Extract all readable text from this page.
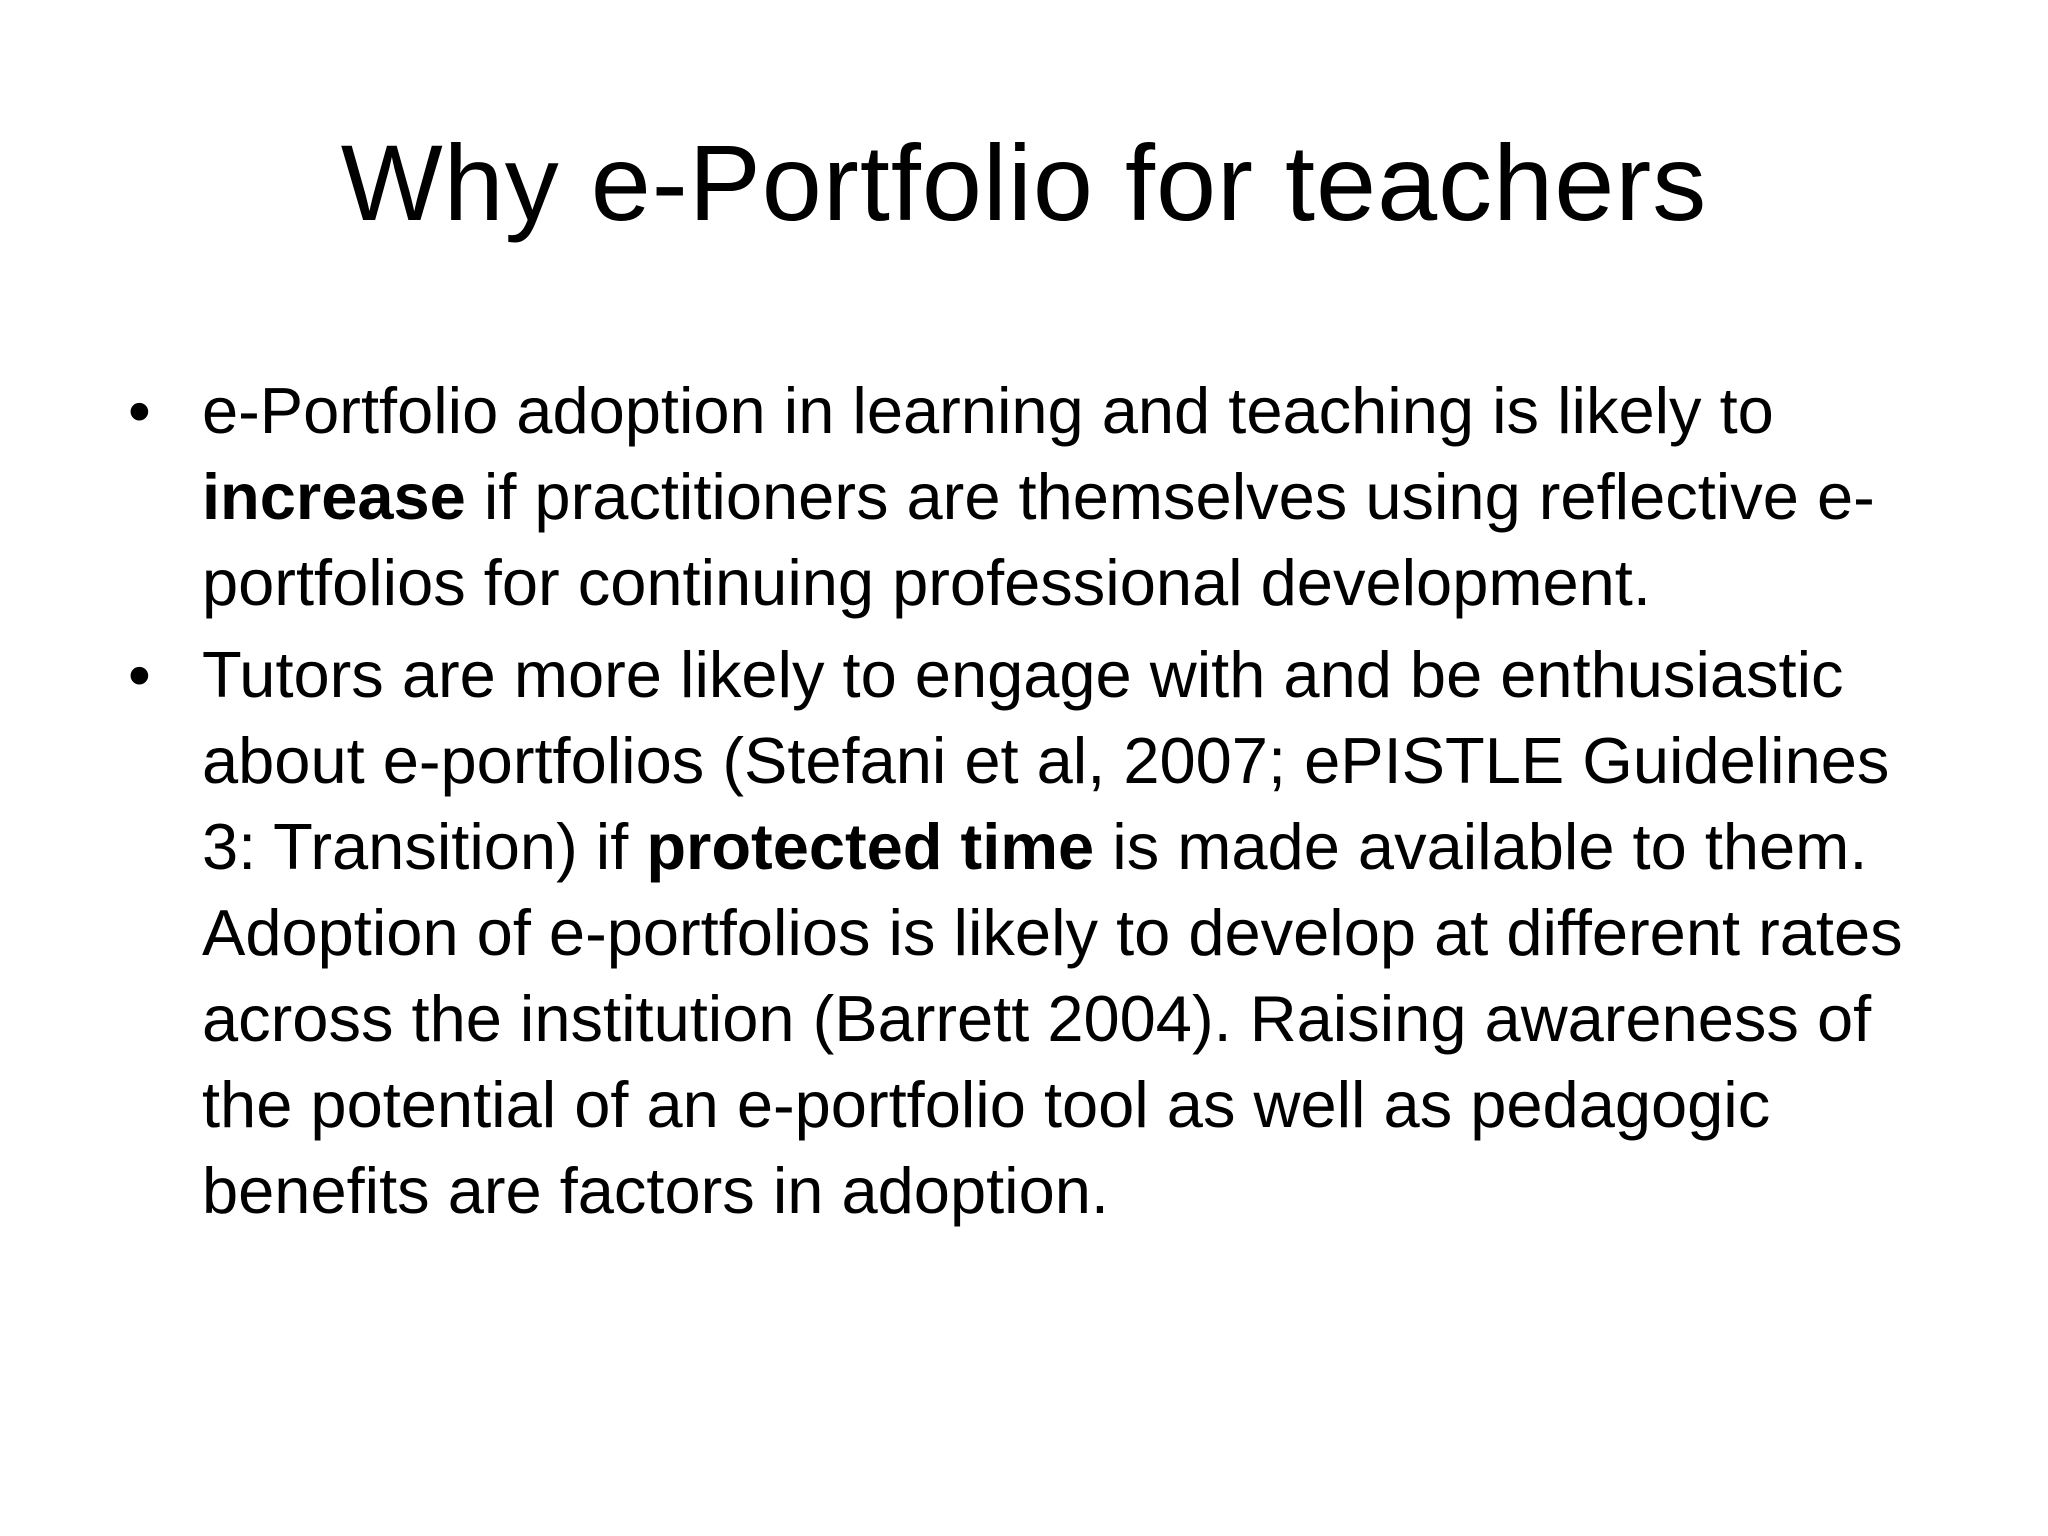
Why e-Portfolio for teachers
• e-Portfolio adoption in learning and teaching is likely to increase if practitioners are themselves using reflective e-portfolios for continuing professional development.
• Tutors are more likely to engage with and be enthusiastic about e-portfolios (Stefani et al, 2007; ePISTLE Guidelines 3: Transition) if protected time is made available to them. Adoption of e-portfolios is likely to develop at different rates across the institution (Barrett 2004). Raising awareness of the potential of an e-portfolio tool as well as pedagogic benefits are factors in adoption.
